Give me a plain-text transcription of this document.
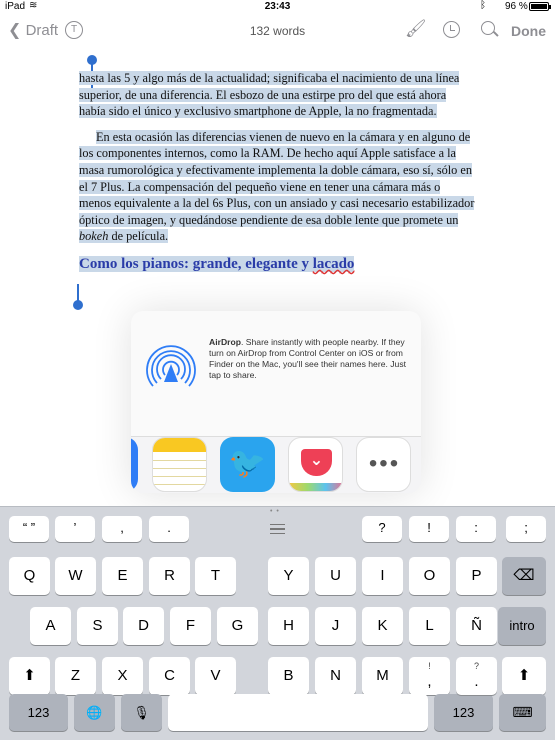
iPad ≋	23:43	ᛒ 96 %
❮ Draft	T	132 words	🖌	Done

hasta las 5 y algo más de la actualidad; significaba el nacimiento de una línea superior, de una diferencia. El esbozo de una estirpe pro del que está ahora había sido el único y exclusivo smartphone de Apple, la no fragmentada.

En esta ocasión las diferencias vienen de nuevo en la cámara y en alguno de los componentes internos, como la RAM. De hecho aquí Apple satisface a la masa rumorológica y efectivamente implementa la doble cámara, eso sí, sólo en el 7 Plus. La compensación del pequeño viene en tener una cámara más o menos equivalente a la del 6s Plus, con un ansiado y casi necesario estabilizador óptico de imagen, y quedándose pendiente de esa doble lente que promete un bokeh de película.

Como los pianos: grande, elegante y lacado
AirDrop. Share instantly with people nearby. If they turn on AirDrop from Control Center on iOS or from Finder on the Mac, you'll see their names here. Just tap to share.
🐦	⌄	•••
• •
“ ”	’	,	.	?	!	:	;
Q	W	E	R	T	Y	U	I	O	P
A	S	D	F	G	H	J	K	L	Ñ
⬆	Z	X	C	V	B	N	M
!
,	⬆
⌫
intro
123	🌐	🎙	123	⌨
?
.
